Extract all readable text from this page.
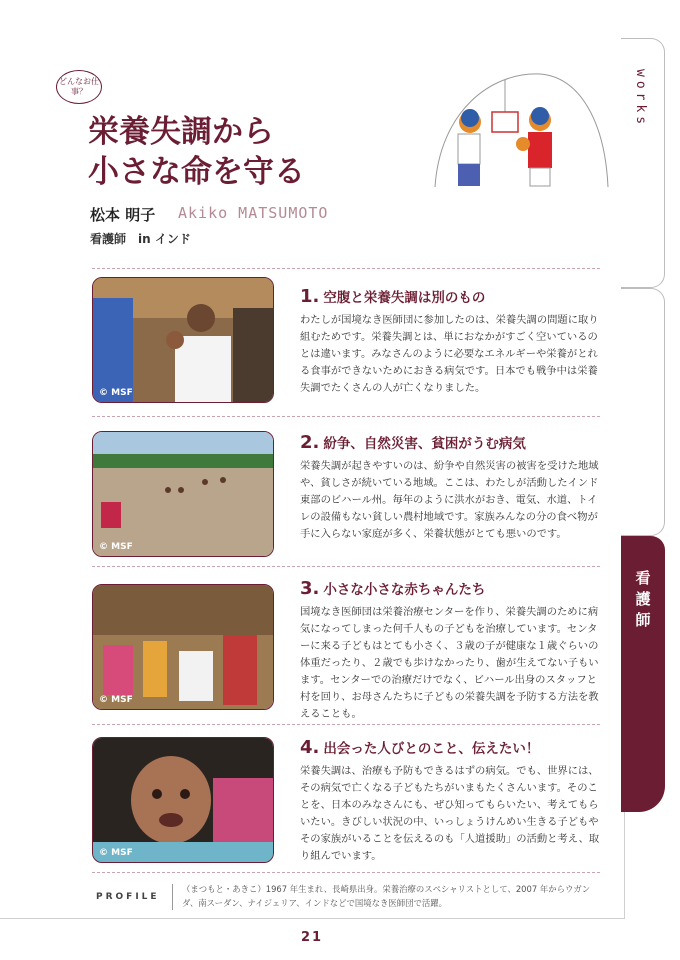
works
看護師
どんなお仕事？
栄養失調から
小さな命を守る
松本 明子 Akiko MATSUMOTO
看護師　in インド
© MSF
© MSF
© MSF
© MSF

1. 空腹と栄養失調は別のもの

わたしが国境なき医師団に参加したのは、栄養失調の問題に取り組むためです。栄養失調とは、単におなかがすごく空いているのとは違います。みなさんのように必要なエネルギーや栄養がとれる食事ができないためにおきる病気です。日本でも戦争中は栄養失調でたくさんの人が亡くなりました。

2. 紛争、自然災害、貧困がうむ病気

栄養失調が起きやすいのは、紛争や自然災害の被害を受けた地域や、貧しさが続いている地域。ここは、わたしが活動したインド東部のビハール州。毎年のように洪水がおき、電気、水道、トイレの設備もない貧しい農村地域です。家族みんなの分の食べ物が手に入らない家庭が多く、栄養状態がとても悪いのです。

3. 小さな小さな赤ちゃんたち

国境なき医師団は栄養治療センターを作り、栄養失調のために病気になってしまった何千人もの子どもを治療しています。センターに来る子どもはとても小さく、３歳の子が健康な１歳ぐらいの体重だったり、２歳でも歩けなかったり、歯が生えてない子もいます。センターでの治療だけでなく、ビハール出身のスタッフと村を回り、お母さんたちに子どもの栄養失調を予防する方法を教えることも。

4. 出会った人びとのこと、伝えたい！

栄養失調は、治療も予防もできるはずの病気。でも、世界には、その病気で亡くなる子どもたちがいまもたくさんいます。そのことを、日本のみなさんにも、ぜひ知ってもらいたい、考えてもらいたい。きびしい状況の中、いっしょうけんめい生きる子どもやその家族がいることを伝えるのも「人道援助」の活動と考え、取り組んでいます。

PROFILE
（まつもと・あきこ）1967 年生まれ、長崎県出身。栄養治療のスペシャリストとして、2007 年からウガンダ、南スーダン、ナイジェリア、インドなどで国境なき医師団で活躍。
21
